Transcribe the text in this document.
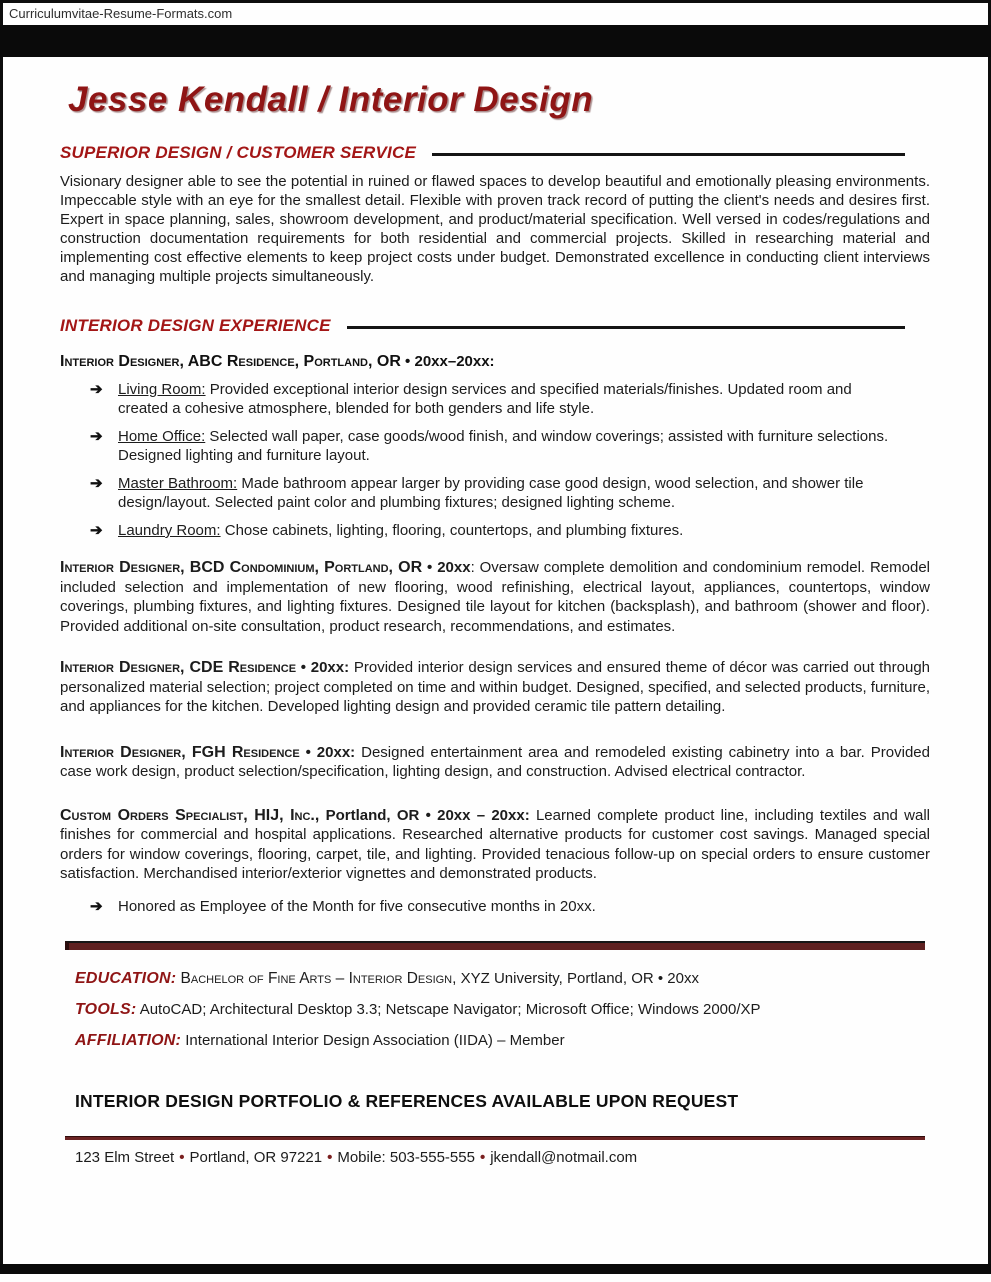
Curriculumvitae-Resume-Formats.com
Jesse Kendall / Interior Design
SUPERIOR DESIGN / CUSTOMER SERVICE

Visionary designer able to see the potential in ruined or flawed spaces to develop beautiful and emotionally pleasing environments. Impeccable style with an eye for the smallest detail. Flexible with proven track record of putting the client's needs and desires first. Expert in space planning, sales, showroom development, and product/material specification. Well versed in codes/regulations and construction documentation requirements for both residential and commercial projects. Skilled in researching material and implementing cost effective elements to keep project costs under budget. Demonstrated excellence in conducting client interviews and managing multiple projects simultaneously.

INTERIOR DESIGN EXPERIENCE
Interior Designer, ABC Residence, Portland, OR • 20xx–20xx:
➔	Living Room: Provided exceptional interior design services and specified materials/finishes. Updated room and created a cohesive atmosphere, blended for both genders and life style.
➔	Home Office: Selected wall paper, case goods/wood finish, and window coverings; assisted with furniture selections. Designed lighting and furniture layout.
➔	Master Bathroom: Made bathroom appear larger by providing case good design, wood selection, and shower tile design/layout. Selected paint color and plumbing fixtures; designed lighting scheme.
➔	Laundry Room: Chose cabinets, lighting, flooring, countertops, and plumbing fixtures.

Interior Designer, BCD Condominium, Portland, OR • 20xx: Oversaw complete demolition and condominium remodel. Remodel included selection and implementation of new flooring, wood refinishing, electrical layout, appliances, countertops, window coverings, plumbing fixtures, and lighting fixtures. Designed tile layout for kitchen (backsplash), and bathroom (shower and floor). Provided additional on-site consultation, product research, recommendations, and estimates.

Interior Designer, CDE Residence • 20xx: Provided interior design services and ensured theme of décor was carried out through personalized material selection; project completed on time and within budget. Designed, specified, and selected products, furniture, and appliances for the kitchen. Developed lighting design and provided ceramic tile pattern detailing.

Interior Designer, FGH Residence • 20xx: Designed entertainment area and remodeled existing cabinetry into a bar. Provided case work design, product selection/specification, lighting design, and construction. Advised electrical contractor.

Custom Orders Specialist, HIJ, Inc., Portland, OR • 20xx – 20xx: Learned complete product line, including textiles and wall finishes for commercial and hospital applications. Researched alternative products for customer cost savings. Managed special orders for window coverings, flooring, carpet, tile, and lighting. Provided tenacious follow-up on special orders to ensure customer satisfaction. Merchandised interior/exterior vignettes and demonstrated products.

➔	Honored as Employee of the Month for five consecutive months in 20xx.
EDUCATION: Bachelor of Fine Arts – Interior Design, XYZ University, Portland, OR • 20xx
TOOLS: AutoCAD; Architectural Desktop 3.3; Netscape Navigator; Microsoft Office; Windows 2000/XP
AFFILIATION: International Interior Design Association (IIDA) – Member
INTERIOR DESIGN PORTFOLIO & REFERENCES AVAILABLE UPON REQUEST
123 Elm Street • Portland, OR 97221 • Mobile: 503-555-555 • jkendall@notmail.com
